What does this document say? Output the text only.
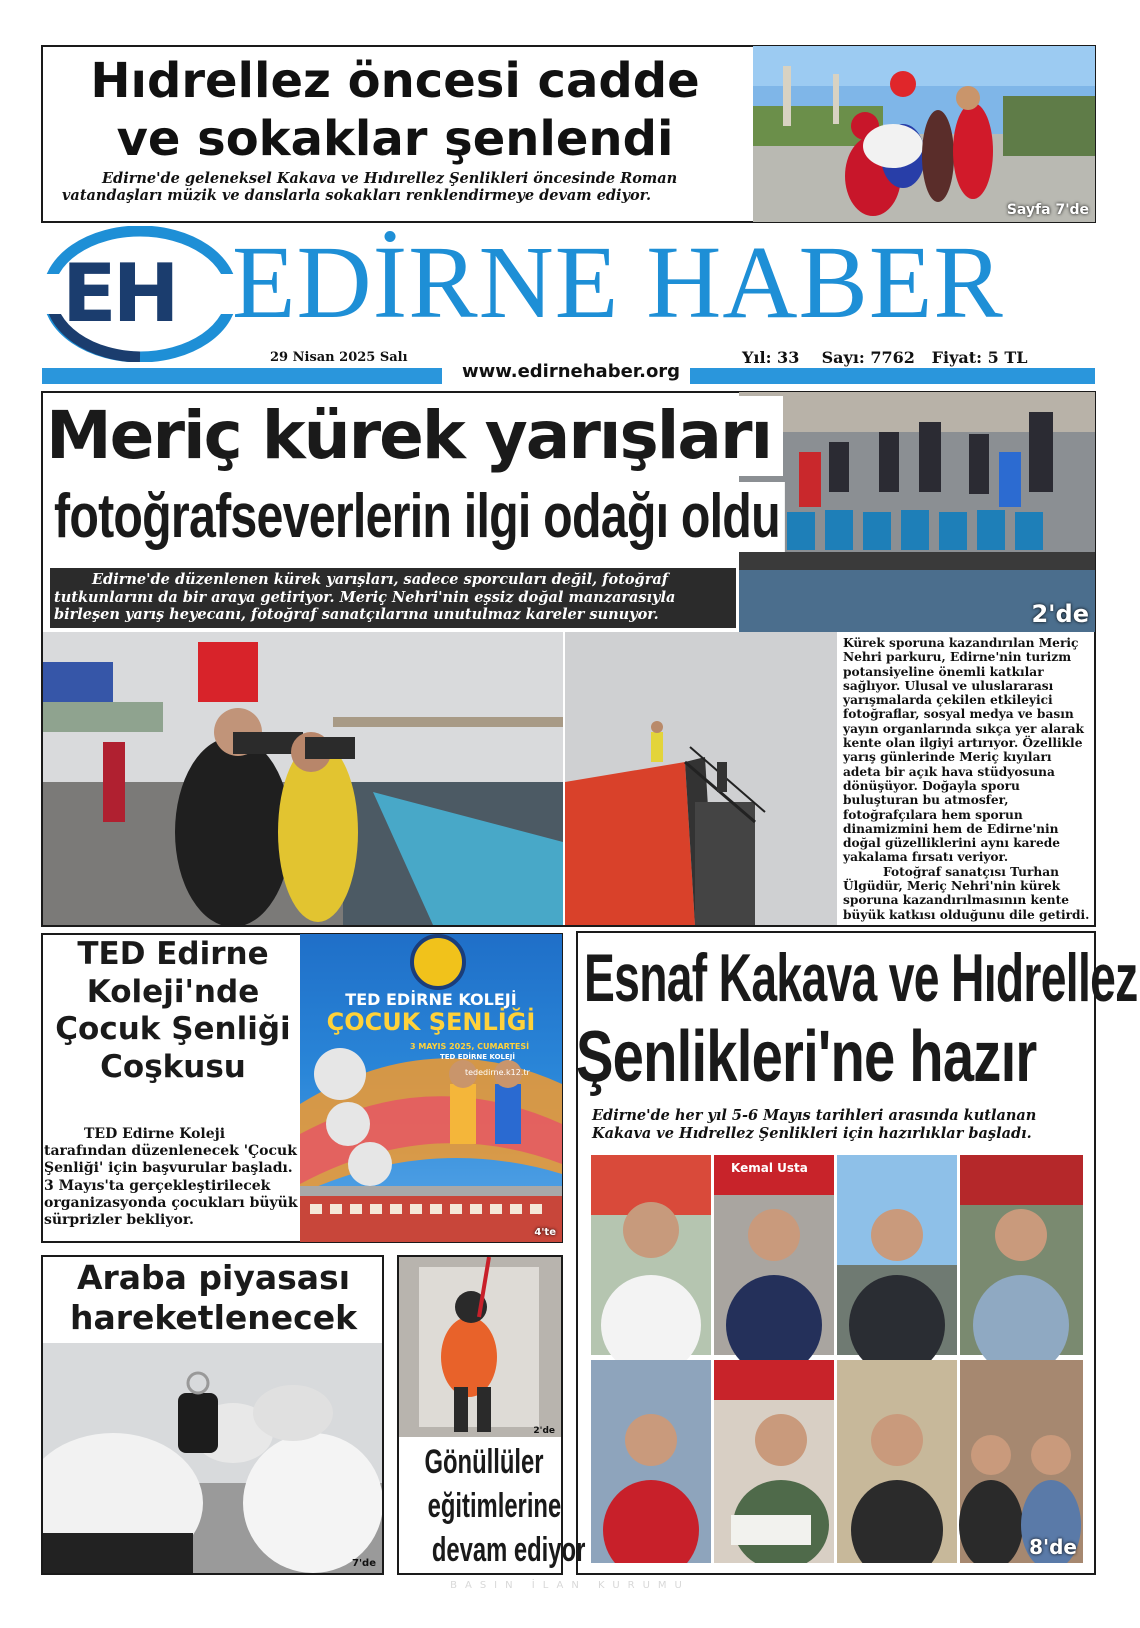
Hıdrellez öncesi cadde
ve sokaklar şenlendi
Edirne'de geleneksel Kakava ve Hıdırellez Şenlikleri öncesinde Roman vatandaşları müzik ve danslarla sokakları renklendirmeye devam ediyor.
Sayfa 7'de
EH EDİRNE HABER
29 Nisan 2025 Salı
www.edirnehaber.org
Yıl: 33 Sayı: 7762 Fiyat: 5 TL
2'de
Meriç kürek yarışları
fotoğrafseverlerin ilgi odağı oldu
Edirne'de düzenlenen kürek yarışları, sadece sporcuları değil, fotoğraf tutkunlarını da bir araya getiriyor. Meriç Nehri'nin eşsiz doğal manzarasıyla birleşen yarış heyecanı, fotoğraf sanatçılarına unutulmaz kareler sunuyor.
Kürek sporuna kazandırılan Meriç Nehri parkuru, Edirne'nin turizm potansiyeline önemli katkılar sağlıyor. Ulusal ve uluslararası yarışmalarda çekilen etkileyici fotoğraflar, sosyal medya ve basın yayın organlarında sıkça yer alarak kente olan ilgiyi artırıyor. Özellikle yarış günlerinde Meriç kıyıları adeta bir açık hava stüdyosuna dönüşüyor. Doğayla sporu buluşturan bu atmosfer, fotoğrafçılara hem sporun dinamizmini hem de Edirne'nin doğal güzelliklerini aynı karede yakalama fırsatı veriyor.
Fotoğraf sanatçısı Turhan Ülgüdür, Meriç Nehri'nin kürek sporuna kazandırılmasının kente büyük katkısı olduğunu dile getirdi.
TED Edirne Koleji'nde Çocuk Şenliği Coşkusu
TED Edirne Koleji tarafından düzenlenecek 'Çocuk Şenliği' için başvurular başladı. 3 Mayıs'ta gerçekleştirilecek organizasyonda çocukları büyük sürprizler bekliyor.
TED EDİRNE KOLEJİ
ÇOCUK ŞENLİĞİ
3 MAYIS 2025, CUMARTESİ
TED EDİRNE KOLEJİ
tededirne.k12.tr
4'te
Esnaf Kakava ve Hıdrellez
Şenlikleri'ne hazır
Edirne'de her yıl 5-6 Mayıs tarihleri arasında kutlanan Kakava ve Hıdrellez Şenlikleri için hazırlıklar başladı.
Kemal Usta
8'de
Araba piyasası
hareketlenecek
7'de
2'de
Gönüllüler
eğitimlerine
devam ediyor
BASIN İLAN KURUMU
